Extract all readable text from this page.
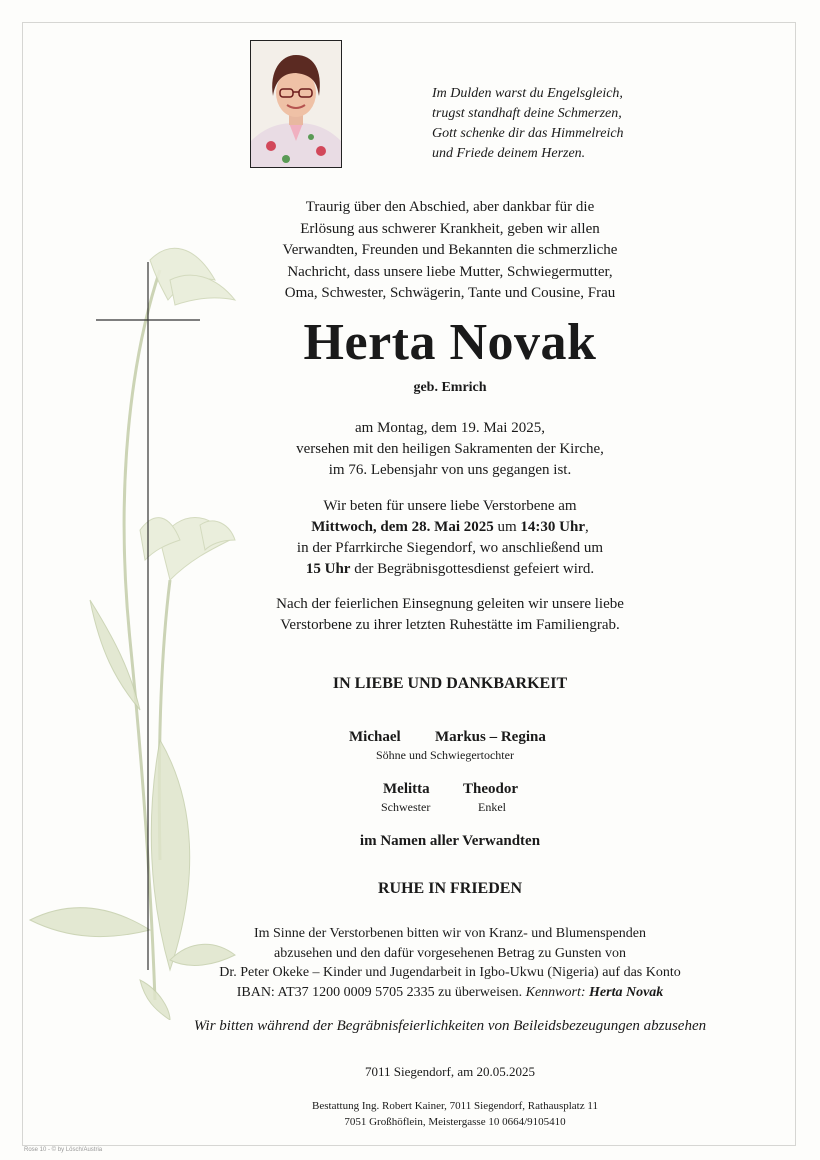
Im Dulden warst du Engelsgleich,
trugst standhaft deine Schmerzen,
Gott schenke dir das Himmelreich
und Friede deinem Herzen.
Traurig über den Abschied, aber dankbar für die
Erlösung aus schwerer Krankheit, geben wir allen
Verwandten, Freunden und Bekannten die schmerzliche
Nachricht, dass unsere liebe Mutter, Schwiegermutter,
Oma, Schwester, Schwägerin, Tante und Cousine, Frau
Herta Novak
geb. Emrich
am Montag, dem 19. Mai 2025,
versehen mit den heiligen Sakramenten der Kirche,
im 76. Lebensjahr von uns gegangen ist.
Wir beten für unsere liebe Verstorbene am
Mittwoch, dem 28. Mai 2025 um 14:30 Uhr,
in der Pfarrkirche Siegendorf, wo anschließend um
15 Uhr der Begräbnisgottesdienst gefeiert wird.
Nach der feierlichen Einsegnung geleiten wir unsere liebe
Verstorbene zu ihrer letzten Ruhestätte im Familiengrab.
IN LIEBE UND DANKBARKEIT
Michael Markus – Regina
Söhne und Schwiegertochter
Melitta Theodor
Schwester	Enkel
im Namen aller Verwandten
RUHE IN FRIEDEN
Im Sinne der Verstorbenen bitten wir von Kranz- und Blumenspenden
abzusehen und den dafür vorgesehenen Betrag zu Gunsten von
Dr. Peter Okeke – Kinder und Jugendarbeit in Igbo-Ukwu (Nigeria) auf das Konto
IBAN: AT37 1200 0009 5705 2335 zu überweisen. Kennwort: Herta Novak
Wir bitten während der Begräbnisfeierlichkeiten von Beileidsbezeugungen abzusehen
7011 Siegendorf, am 20.05.2025
Bestattung Ing. Robert Kainer, 7011 Siegendorf, Rathausplatz 11
7051 Großhöflein, Meistergasse 10 0664/9105410
Rose 10 - © by Lösch/Austria
